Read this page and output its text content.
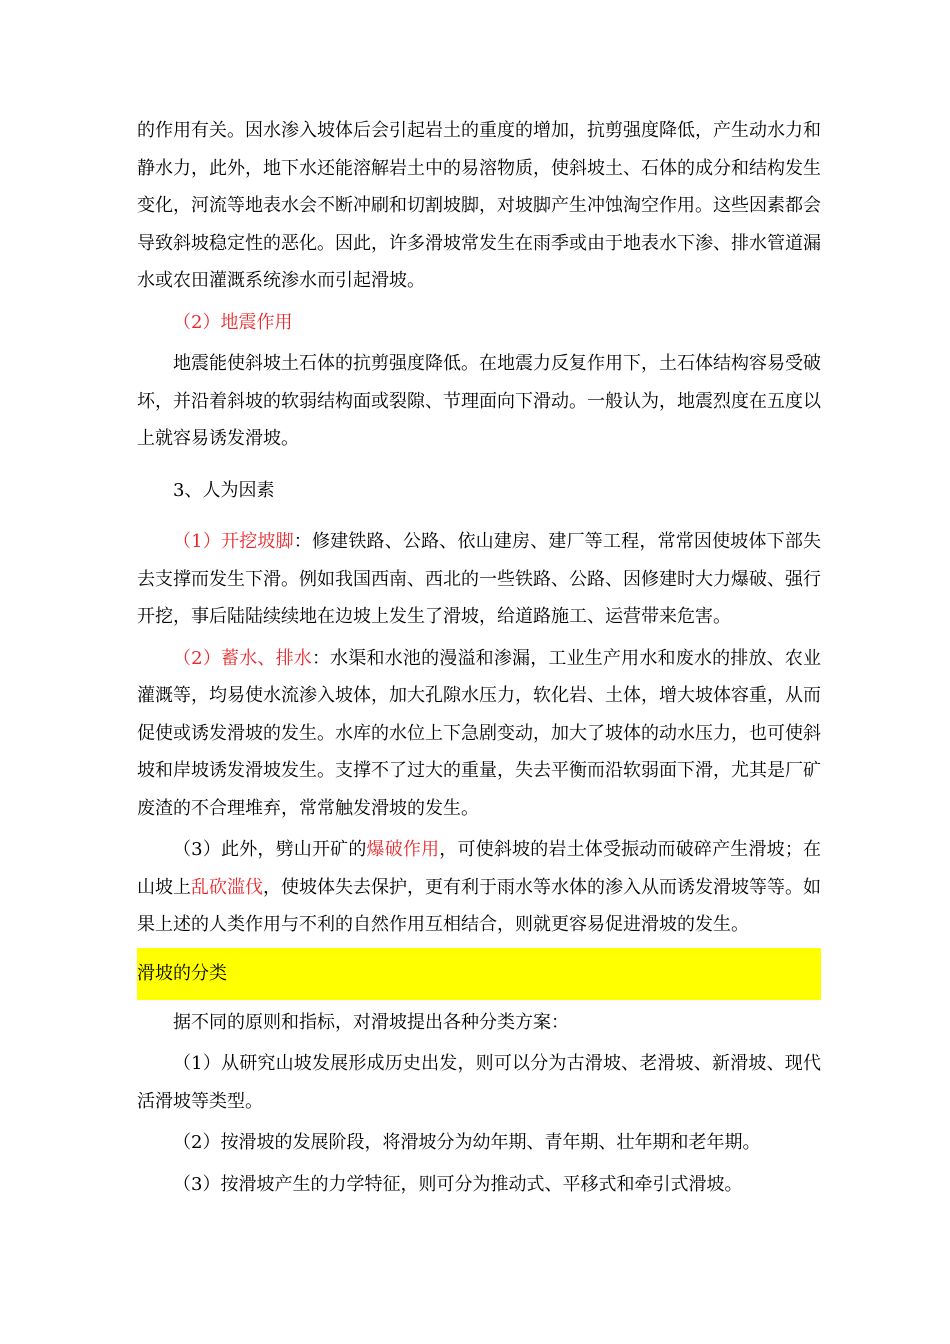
的作用有关。因水渗入坡体后会引起岩土的重度的增加，抗剪强度降低，产生动水力和静水力，此外，地下水还能溶解岩土中的易溶物质，使斜坡土、石体的成分和结构发生变化，河流等地表水会不断冲刷和切割坡脚，对坡脚产生冲蚀淘空作用。这些因素都会导致斜坡稳定性的恶化。因此，许多滑坡常发生在雨季或由于地表水下渗、排水管道漏水或农田灌溉系统渗水而引起滑坡。

（2）地震作用

地震能使斜坡土石体的抗剪强度降低。在地震力反复作用下，土石体结构容易受破坏，并沿着斜坡的软弱结构面或裂隙、节理面向下滑动。一般认为，地震烈度在五度以上就容易诱发滑坡。

3、人为因素

（1）开挖坡脚：修建铁路、公路、依山建房、建厂等工程，常常因使坡体下部失去支撑而发生下滑。例如我国西南、西北的一些铁路、公路、因修建时大力爆破、强行开挖，事后陆陆续续地在边坡上发生了滑坡，给道路施工、运营带来危害。

（2）蓄水、排水：水渠和水池的漫溢和渗漏，工业生产用水和废水的排放、农业灌溉等，均易使水流渗入坡体，加大孔隙水压力，软化岩、土体，增大坡体容重，从而促使或诱发滑坡的发生。水库的水位上下急剧变动，加大了坡体的动水压力，也可使斜坡和岸坡诱发滑坡发生。支撑不了过大的重量，失去平衡而沿软弱面下滑，尤其是厂矿废渣的不合理堆弃，常常触发滑坡的发生。

（3）此外，劈山开矿的爆破作用，可使斜坡的岩土体受振动而破碎产生滑坡；在山坡上乱砍滥伐，使坡体失去保护，更有利于雨水等水体的渗入从而诱发滑坡等等。如果上述的人类作用与不利的自然作用互相结合，则就更容易促进滑坡的发生。

滑坡的分类

据不同的原则和指标，对滑坡提出各种分类方案：

（1）从研究山坡发展形成历史出发，则可以分为古滑坡、老滑坡、新滑坡、现代活滑坡等类型。

（2）按滑坡的发展阶段，将滑坡分为幼年期、青年期、壮年期和老年期。

（3）按滑坡产生的力学特征，则可分为推动式、平移式和牵引式滑坡。
